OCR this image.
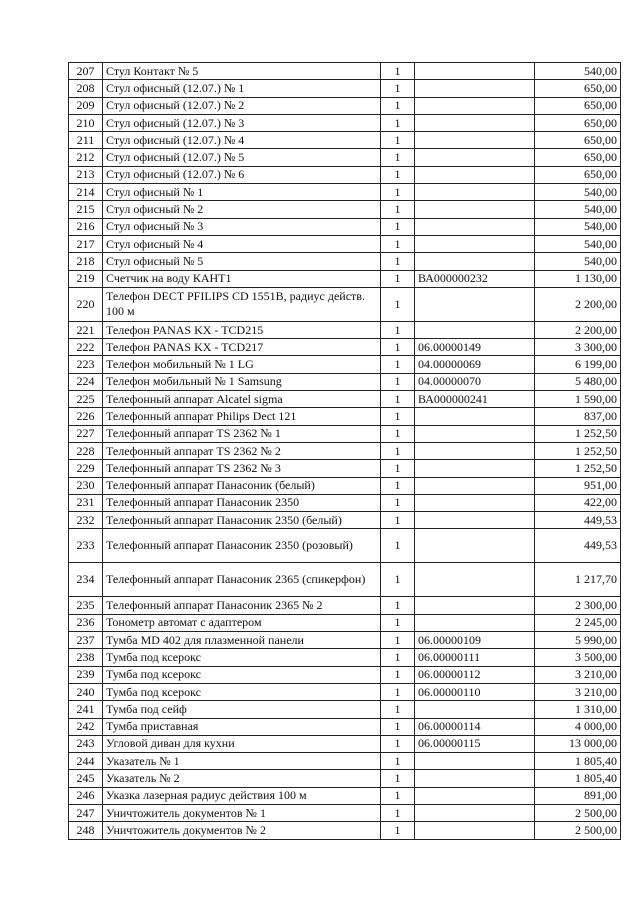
207	Стул Контакт № 5	1		540,00
208	Стул офисный (12.07.) № 1	1		650,00
209	Стул офисный (12.07.) № 2	1		650,00
210	Стул офисный (12.07.) № 3	1		650,00
211	Стул офисный (12.07.) № 4	1		650,00
212	Стул офисный (12.07.) № 5	1		650,00
213	Стул офисный (12.07.) № 6	1		650,00
214	Стул офисный № 1	1		540,00
215	Стул офисный № 2	1		540,00
216	Стул офисный № 3	1		540,00
217	Стул офисный № 4	1		540,00
218	Стул офисный № 5	1		540,00
219	Счетчик на воду КАНТ1	1	ВА000000232	1 130,00
220	Телефон DECT PFILIPS CD 1551В, радиус действ. 100 м	1		2 200,00
221	Телефон PANAS KX - TCD215	1		2 200,00
222	Телефон PANAS KX - TCD217	1	06.00000149	3 300,00
223	Телефон мобильный № 1 LG	1	04.00000069	6 199,00
224	Телефон мобильный № 1 Samsung	1	04.00000070	5 480,00
225	Телефонный аппарат Alcatel sigma	1	ВА000000241	1 590,00
226	Телефонный аппарат Philips Dect 121	1		837,00
227	Телефонный аппарат TS 2362 № 1	1		1 252,50
228	Телефонный аппарат TS 2362 № 2	1		1 252,50
229	Телефонный аппарат TS 2362 № 3	1		1 252,50
230	Телефонный аппарат Панасоник (белый)	1		951,00
231	Телефонный аппарат Панасоник 2350	1		422,00
232	Телефонный аппарат Панасоник 2350 (белый)	1		449,53
233	Телефонный аппарат Панасоник 2350 (розовый)	1		449,53
234	Телефонный аппарат Панасоник 2365 (спикерфон)	1		1 217,70
235	Телефонный аппарат Панасоник 2365 № 2	1		2 300,00
236	Тонометр автомат с адаптером	1		2 245,00
237	Тумба MD 402 для плазменной панели	1	06.00000109	5 990,00
238	Тумба под ксерокс	1	06.00000111	3 500,00
239	Тумба под ксерокс	1	06.00000112	3 210,00
240	Тумба под ксерокс	1	06.00000110	3 210,00
241	Тумба под сейф	1		1 310,00
242	Тумба приставная	1	06.00000114	4 000,00
243	Угловой диван для кухни	1	06.00000115	13 000,00
244	Указатель № 1	1		1 805,40
245	Указатель № 2	1		1 805,40
246	Указка лазерная радиус действия 100 м	1		891,00
247	Уничтожитель документов № 1	1		2 500,00
248	Уничтожитель документов № 2	1		2 500,00
